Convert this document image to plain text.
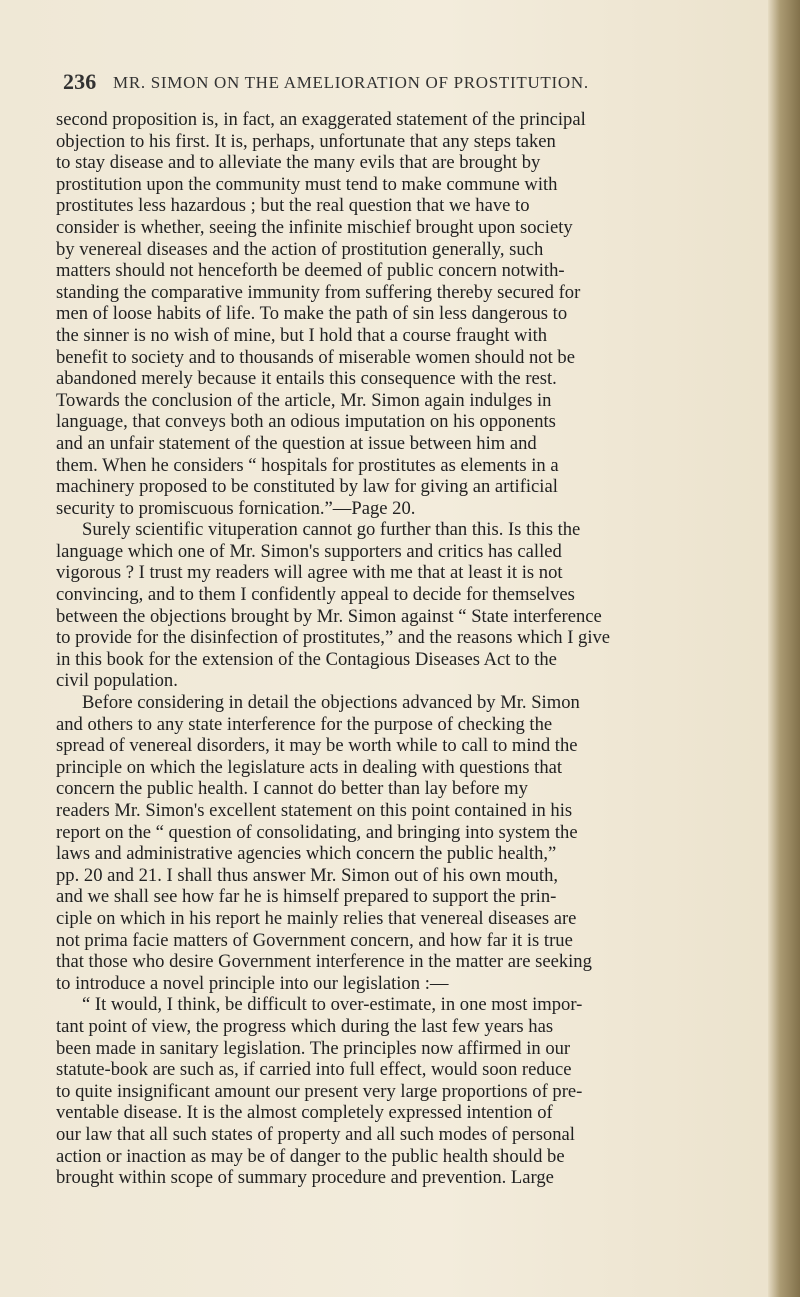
236 MR. SIMON ON THE AMELIORATION OF PROSTITUTION.
second proposition is, in fact, an exaggerated statement of the principal
objection to his first. It is, perhaps, unfortunate that any steps taken
to stay disease and to alleviate the many evils that are brought by
prostitution upon the community must tend to make commune with
prostitutes less hazardous ; but the real question that we have to
consider is whether, seeing the infinite mischief brought upon society
by venereal diseases and the action of prostitution generally, such
matters should not henceforth be deemed of public concern notwith-
standing the comparative immunity from suffering thereby secured for
men of loose habits of life. To make the path of sin less dangerous to
the sinner is no wish of mine, but I hold that a course fraught with
benefit to society and to thousands of miserable women should not be
abandoned merely because it entails this consequence with the rest.
Towards the conclusion of the article, Mr. Simon again indulges in
language, that conveys both an odious imputation on his opponents
and an unfair statement of the question at issue between him and
them. When he considers “ hospitals for prostitutes as elements in a
machinery proposed to be constituted by law for giving an artificial
security to promiscuous fornication.”—Page 20.
Surely scientific vituperation cannot go further than this. Is this the
language which one of Mr. Simon's supporters and critics has called
vigorous ? I trust my readers will agree with me that at least it is not
convincing, and to them I confidently appeal to decide for themselves
between the objections brought by Mr. Simon against “ State interference
to provide for the disinfection of prostitutes,” and the reasons which I give
in this book for the extension of the Contagious Diseases Act to the
civil population.
Before considering in detail the objections advanced by Mr. Simon
and others to any state interference for the purpose of checking the
spread of venereal disorders, it may be worth while to call to mind the
principle on which the legislature acts in dealing with questions that
concern the public health. I cannot do better than lay before my
readers Mr. Simon's excellent statement on this point contained in his
report on the “ question of consolidating, and bringing into system the
laws and administrative agencies which concern the public health,”
pp. 20 and 21. I shall thus answer Mr. Simon out of his own mouth,
and we shall see how far he is himself prepared to support the prin-
ciple on which in his report he mainly relies that venereal diseases are
not prima facie matters of Government concern, and how far it is true
that those who desire Government interference in the matter are seeking
to introduce a novel principle into our legislation :—
“ It would, I think, be difficult to over-estimate, in one most impor-
tant point of view, the progress which during the last few years has
been made in sanitary legislation. The principles now affirmed in our
statute-book are such as, if carried into full effect, would soon reduce
to quite insignificant amount our present very large proportions of pre-
ventable disease. It is the almost completely expressed intention of
our law that all such states of property and all such modes of personal
action or inaction as may be of danger to the public health should be
brought within scope of summary procedure and prevention. Large
